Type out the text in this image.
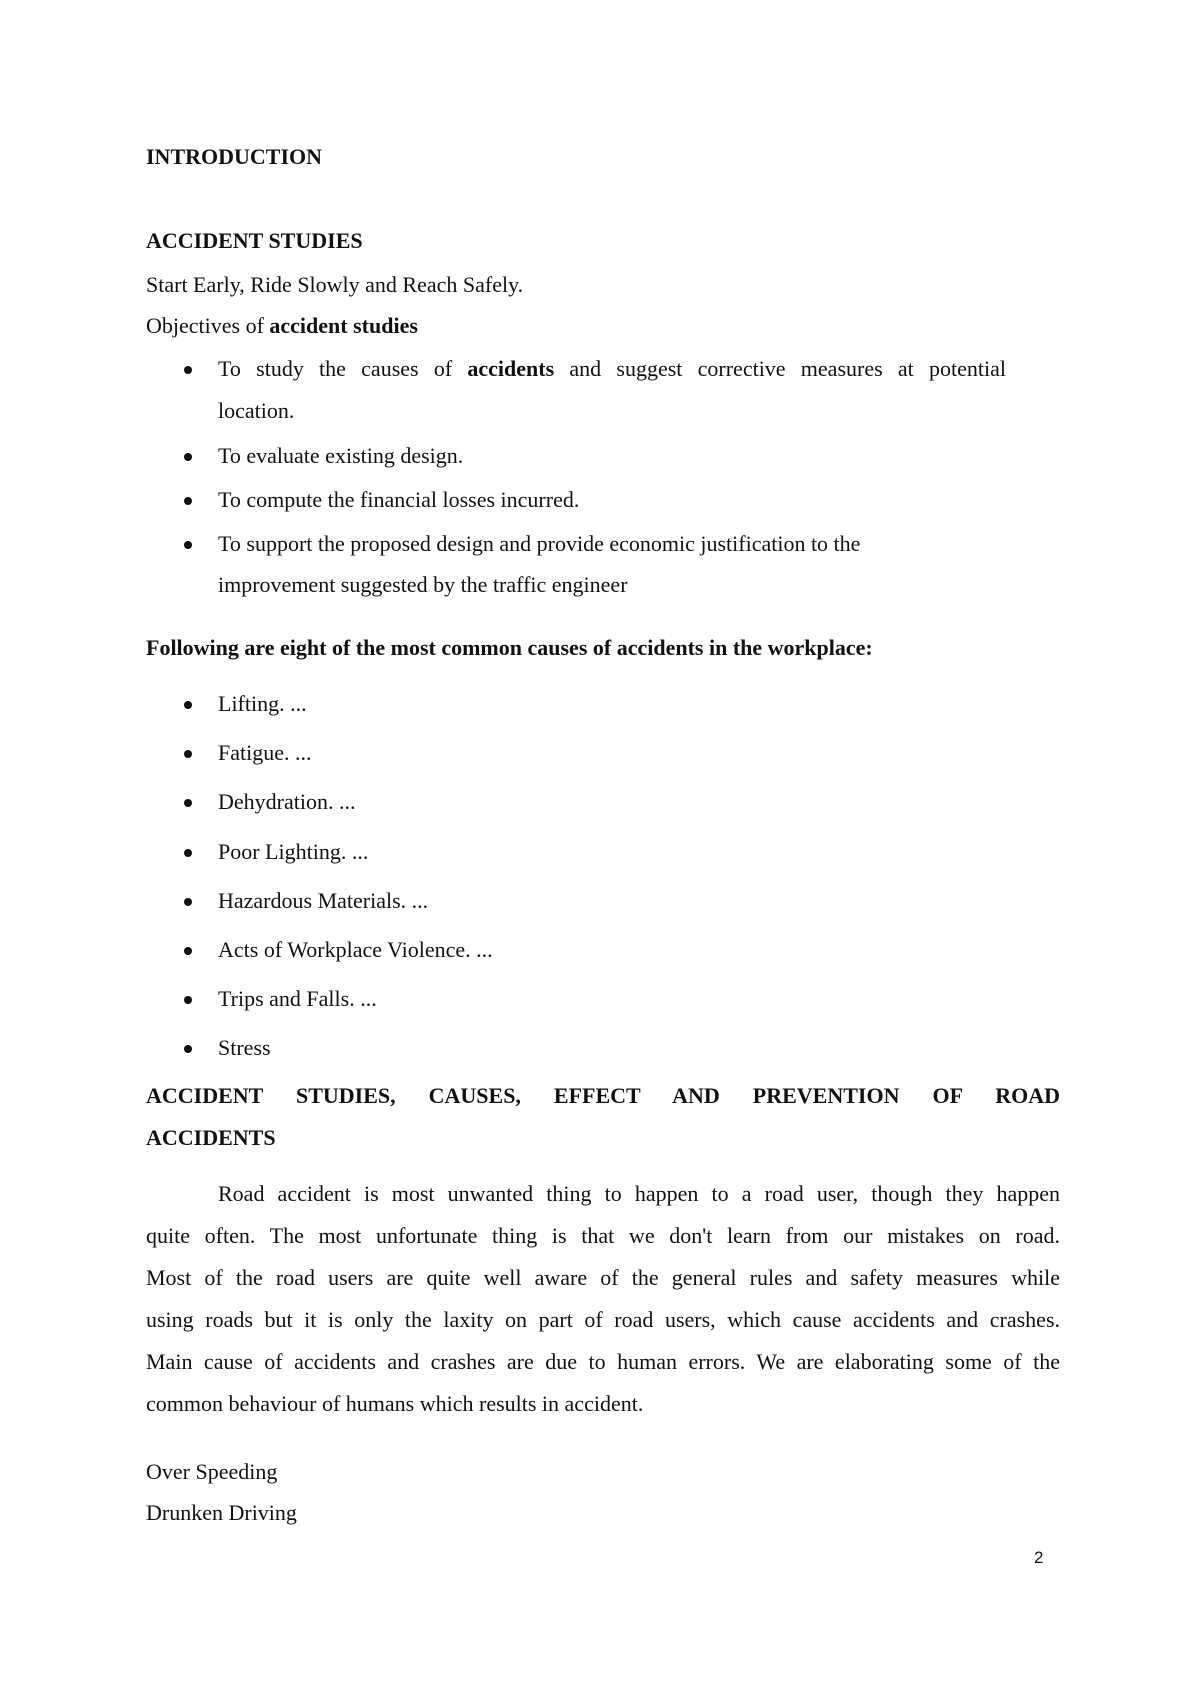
INTRODUCTION
ACCIDENT STUDIES
Start Early, Ride Slowly and Reach Safely.
Objectives of accident studies
To study the causes of accidents and suggest corrective measures at potential
location.
To evaluate existing design.
To compute the financial losses incurred.
To support the proposed design and provide economic justification to the
improvement suggested by the traffic engineer
Following are eight of the most common causes of accidents in the workplace:
Lifting. ...
Fatigue. ...
Dehydration. ...
Poor Lighting. ...
Hazardous Materials. ...
Acts of Workplace Violence. ...
Trips and Falls. ...
Stress
ACCIDENT STUDIES, CAUSES, EFFECT AND PREVENTION OF ROAD
ACCIDENTS
Road accident is most unwanted thing to happen to a road user, though they happen
quite often. The most unfortunate thing is that we don't learn from our mistakes on road.
Most of the road users are quite well aware of the general rules and safety measures while
using roads but it is only the laxity on part of road users, which cause accidents and crashes.
Main cause of accidents and crashes are due to human errors. We are elaborating some of the
common behaviour of humans which results in accident.
Over Speeding
Drunken Driving
2
